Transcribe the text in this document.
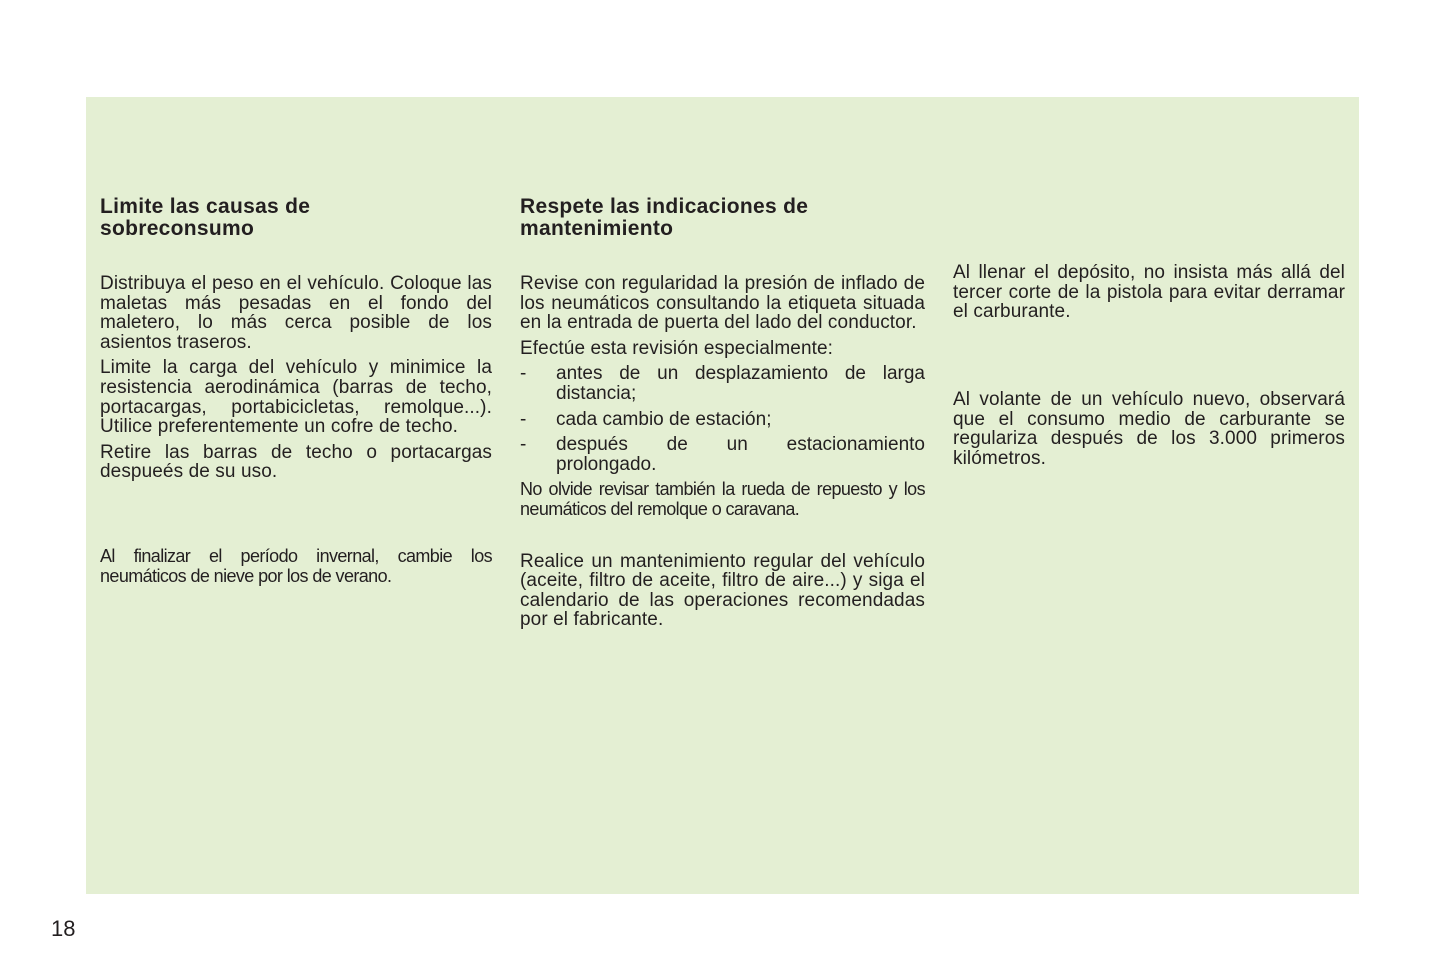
Limite las causas de
sobreconsumo

Distribuya el peso en el vehículo. Coloque las maletas más pesadas en el fondo del maletero, lo más cerca posible de los asientos traseros.

Limite la carga del vehículo y minimice la resistencia aerodinámica (barras de techo, portacargas, portabicicletas, remolque...). Utilice preferentemente un cofre de techo.

Retire las barras de techo o portacargas despueés de su uso.

Al finalizar el período invernal, cambie los neumáticos de nieve por los de verano.

Respete las indicaciones de
mantenimiento

Revise con regularidad la presión de inflado de los neumáticos consultando la etiqueta situada en la entrada de puerta del lado del conductor.

Efectúe esta revisión especialmente:

- antes de un desplazamiento de larga distancia;
- cada cambio de estación;
- después de un estacionamiento prolongado.

No olvide revisar también la rueda de repuesto y los neumáticos del remolque o caravana.

Realice un mantenimiento regular del vehículo (aceite, filtro de aceite, filtro de aire...) y siga el calendario de las operaciones recomendadas por el fabricante.

Al llenar el depósito, no insista más allá del tercer corte de la pistola para evitar derramar el carburante.

Al volante de un vehículo nuevo, observará que el consumo medio de carburante se regulariza después de los 3.000 primeros kilómetros.

18
